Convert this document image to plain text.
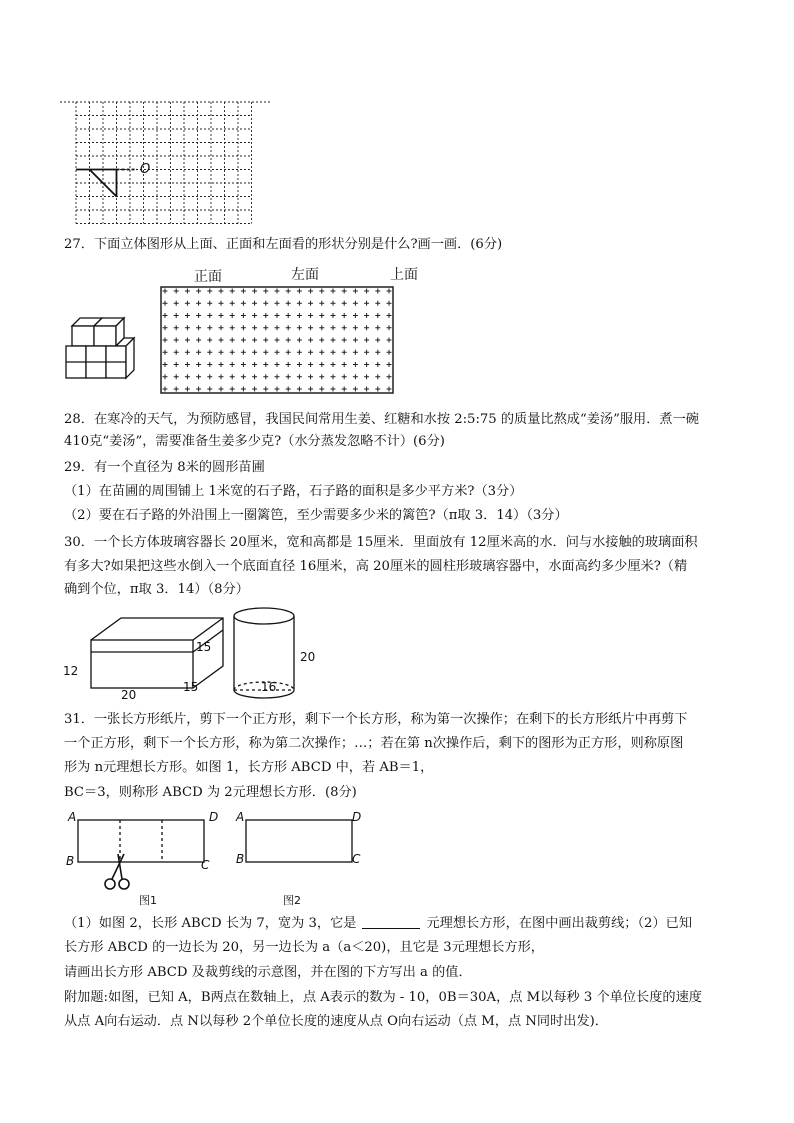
O
27．下面立体图形从上面、正面和左面看的形状分别是什么?画一画．(6分)
正面	左面	上面
28．在寒冷的天气，为预防感冒，我国民间常用生姜、红糖和水按 2:5:75 的质量比熬成“姜汤”服用．煮一碗
410克“姜汤”，需要准备生姜多少克?（水分蒸发忽略不计）(6分)
29．有一个直径为 8米的圆形苗圃
（1）在苗圃的周围铺上 1米宽的石子路，石子路的面积是多少平方米?（3分）
（2）要在石子路的外沿围上一圈篱笆，至少需要多少米的篱笆?（π取 3．14）（3分）
30．一个长方体玻璃容器长 20厘米，宽和高都是 15厘米．里面放有 12厘米高的水．问与水接触的玻璃面积
有多大?如果把这些水倒入一个底面直径 16厘米，高 20厘米的圆柱形玻璃容器中，水面高约多少厘米?（精
确到个位，π取 3．14）（8分）
15
12
20
15
20
16
31．一张长方形纸片，剪下一个正方形，剩下一个长方形，称为第一次操作；在剩下的长方形纸片中再剪下
一个正方形，剩下一个长方形，称为第二次操作；…；若在第 n次操作后，剩下的图形为正方形，则称原图
形为 n元理想长方形。如图 1，长方形 ABCD 中，若 AB＝1，
BC＝3，则称形 ABCD 为 2元理想长方形．(8分)
A	D
B	C
图1
A	D
B	C
图2
（1）如图 2，长形 ABCD 长为 7，宽为 3，它是	元理想长方形，在图中画出裁剪线；（2）已知
长方形 ABCD 的一边长为 20，另一边长为 a（a＜20)，且它是 3元理想长方形，
请画出长方形 ABCD 及裁剪线的示意图，并在图的下方写出 a 的值．
附加题:如图，已知 A，B两点在数轴上，点 A表示的数为 - 10，0B＝30A，点 M以每秒 3 个单位长度的速度
从点 A向右运动．点 N以每秒 2个单位长度的速度从点 O向右运动（点 M，点 N同时出发)．
